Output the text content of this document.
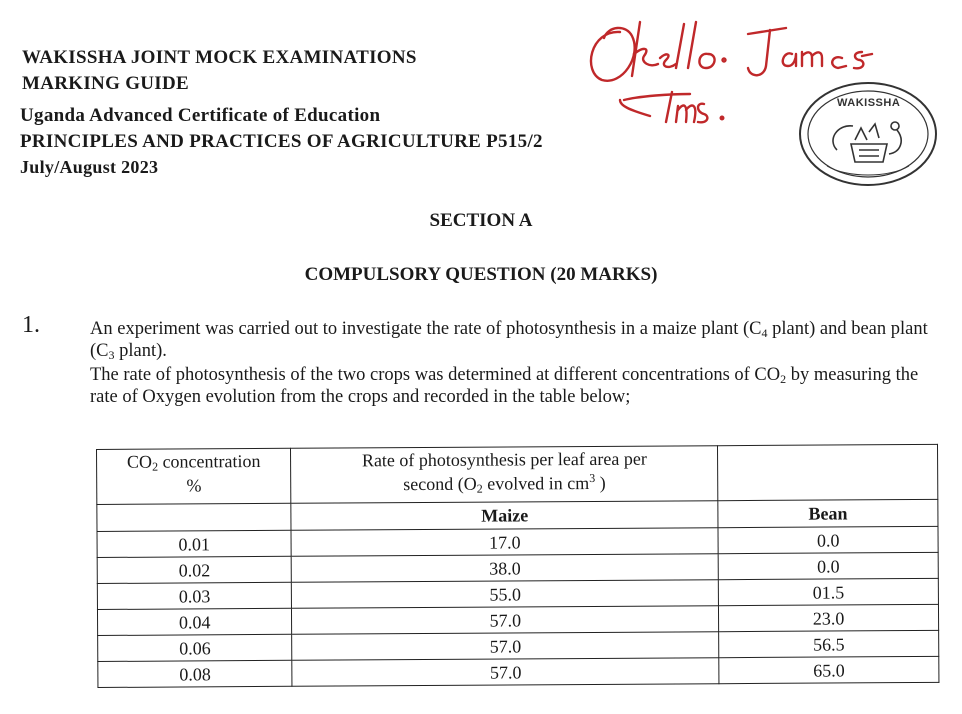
WAKISSHA JOINT MOCK EXAMINATIONS
MARKING GUIDE
Uganda Advanced Certificate of Education
PRINCIPLES AND PRACTICES OF AGRICULTURE P515/2
July/August 2023
WAKISSHA
SECTION A
COMPULSORY QUESTION (20 MARKS)
1.	An experiment was carried out to investigate the rate of photosynthesis in a maize plant ($C_4$ plant) and bean plant ($C_3$ plant).

The rate of photosynthesis of the two crops was determined at different concentrations of $CO_2$ by measuring the rate of Oxygen evolution from the crops and recorded in the table below;

$CO_2$ concentration
%	Rate of photosynthesis per leaf area per
second ($O_2$ evolved in $cm^3$ )	
	Maize	Bean
0.01	17.0	0.0
0.02	38.0	0.0
0.03	55.0	01.5
0.04	57.0	23.0
0.06	57.0	56.5
0.08	57.0	65.0
